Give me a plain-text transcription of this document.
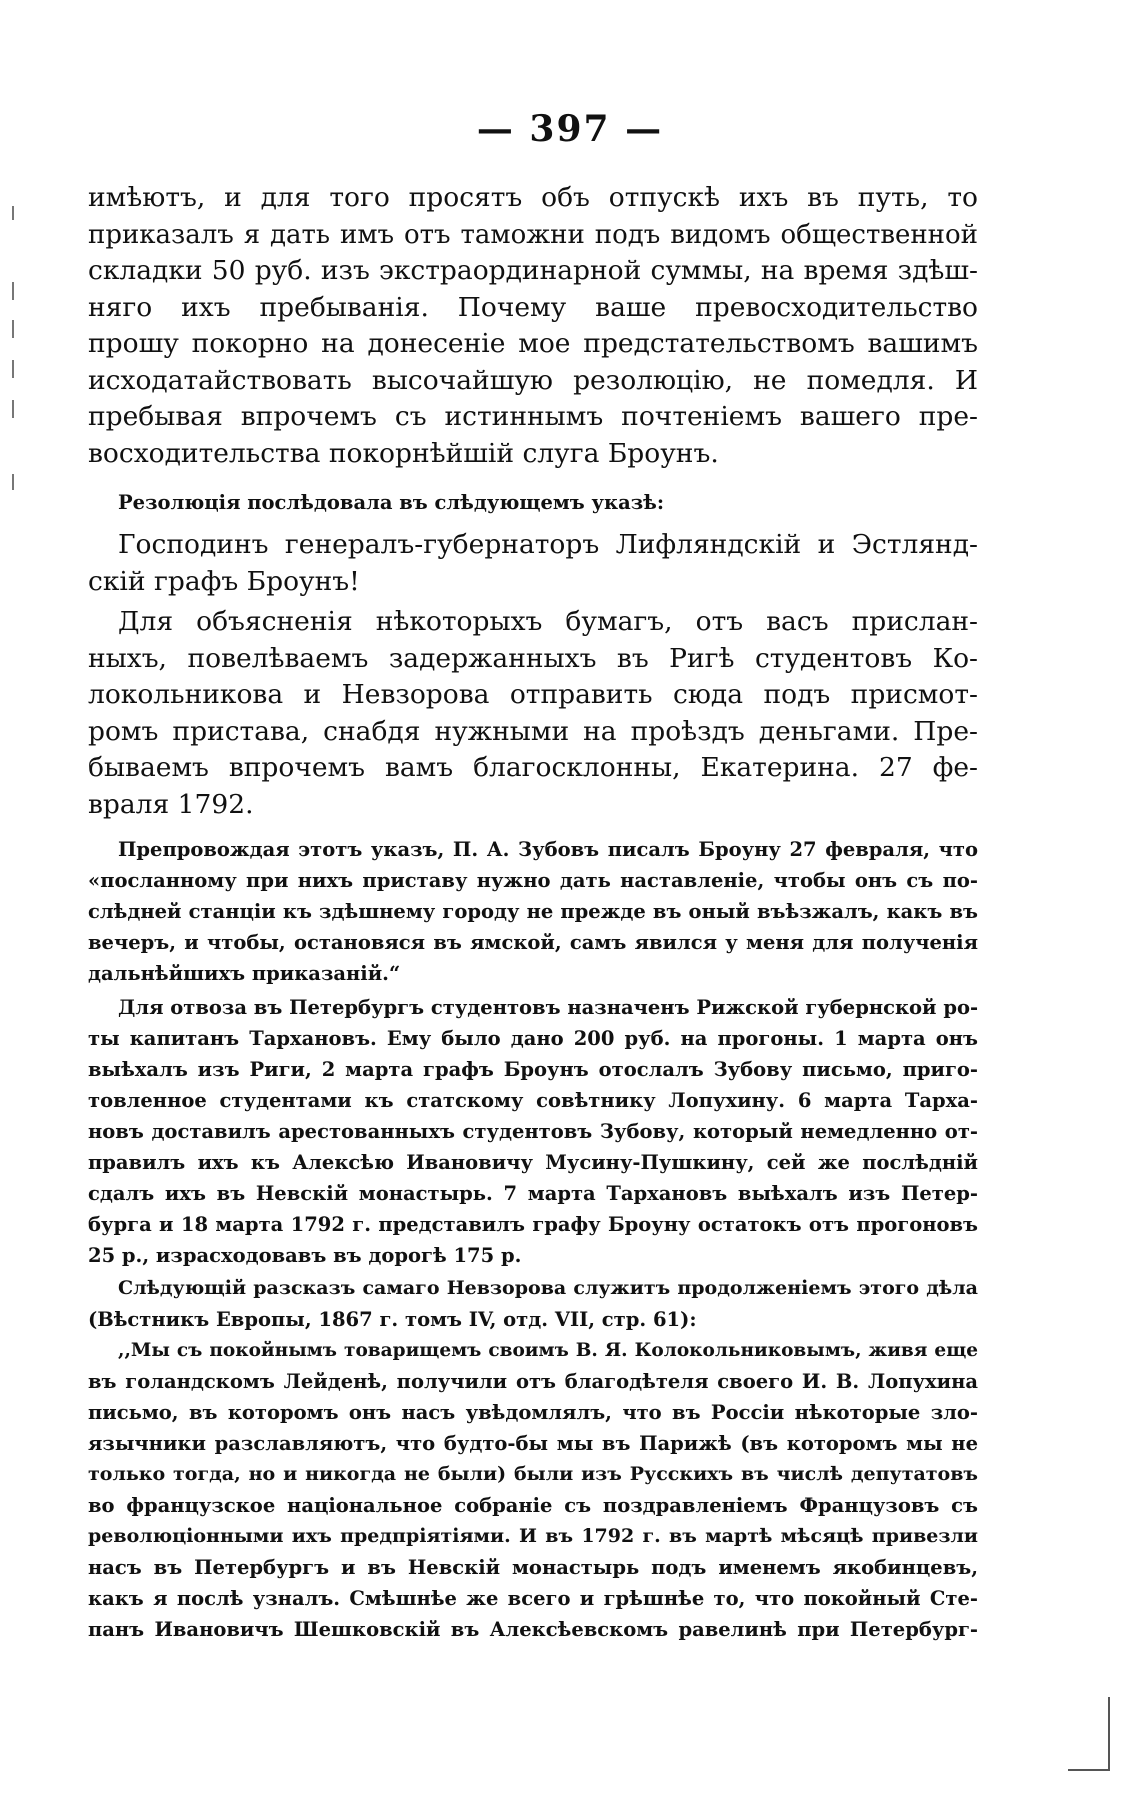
— 397 —
имѣютъ, и для того просятъ объ отпускѣ ихъ въ путь, то
приказалъ я дать имъ отъ таможни подъ видомъ общественной
складки 50 руб. изъ экстраординарной суммы, на время здѣш-
няго ихъ пребыванія. Почему ваше превосходительство
прошу покорно на донесеніе мое предстательствомъ вашимъ
исходатайствовать высочайшую резолюцію, не помедля. И
пребывая впрочемъ съ истиннымъ почтеніемъ вашего пре-
восходительства покорнѣйшій слуга Броунъ.
Резолюція послѣдовала въ слѣдующемъ указѣ:
Господинъ генералъ-губернаторъ Лифляндскій и Эстлянд-
скій графъ Броунъ!
Для объясненія нѣкоторыхъ бумагъ, отъ васъ прислан-
ныхъ, повелѣваемъ задержанныхъ въ Ригѣ студентовъ Ко-
локольникова и Невзорова отправить сюда подъ присмот-
ромъ пристава, снабдя нужными на проѣздъ деньгами. Пре-
бываемъ впрочемъ вамъ благосклонны, Екатерина. 27 фе-
враля 1792.
Препровождая этотъ указъ, П. А. Зубовъ писалъ Броуну 27 февраля, что
«посланному при нихъ приставу нужно дать наставленіе, чтобы онъ съ по-
слѣдней станціи къ здѣшнему городу не прежде въ оный въѣзжалъ, какъ въ
вечеръ, и чтобы, остановяся въ ямской, самъ явился у меня для полученія
дальнѣйшихъ приказаній.“
Для отвоза въ Петербургъ студентовъ назначенъ Рижской губернской ро-
ты капитанъ Тархановъ. Ему было дано 200 руб. на прогоны. 1 марта онъ
выѣхалъ изъ Риги, 2 марта графъ Броунъ отослалъ Зубову письмо, приго-
товленное студентами къ статскому совѣтнику Лопухину. 6 марта Тарха-
новъ доставилъ арестованныхъ студентовъ Зубову, который немедленно от-
правилъ ихъ къ Алексѣю Ивановичу Мусину-Пушкину, сей же послѣдній
сдалъ ихъ въ Невскій монастырь. 7 марта Тархановъ выѣхалъ изъ Петер-
бурга и 18 марта 1792 г. представилъ графу Броуну остатокъ отъ прогоновъ
25 р., израсходовавъ въ дорогѣ 175 р.
Слѣдующій разсказъ самаго Невзорова служитъ продолженіемъ этого дѣла
(Вѣстникъ Европы, 1867 г. томъ IV, отд. VII, стр. 61):
,,Мы съ покойнымъ товарищемъ своимъ В. Я. Колокольниковымъ, живя еще
въ голандскомъ Лейденѣ, получили отъ благодѣтеля своего И. В. Лопухина
письмо, въ которомъ онъ насъ увѣдомлялъ, что въ Россіи нѣкоторые зло-
язычники разславляютъ, что будто-бы мы въ Парижѣ (въ которомъ мы не
только тогда, но и никогда не были) были изъ Русскихъ въ числѣ депутатовъ
во французское національное собраніе съ поздравленіемъ Французовъ съ
революціонными ихъ предпріятіями. И въ 1792 г. въ мартѣ мѣсяцѣ привезли
насъ въ Петербургъ и въ Невскій монастырь подъ именемъ якобинцевъ,
какъ я послѣ узналъ. Смѣшнѣе же всего и грѣшнѣе то, что покойный Сте-
панъ Ивановичъ Шешковскій въ Алексѣевскомъ равелинѣ при Петербург-
